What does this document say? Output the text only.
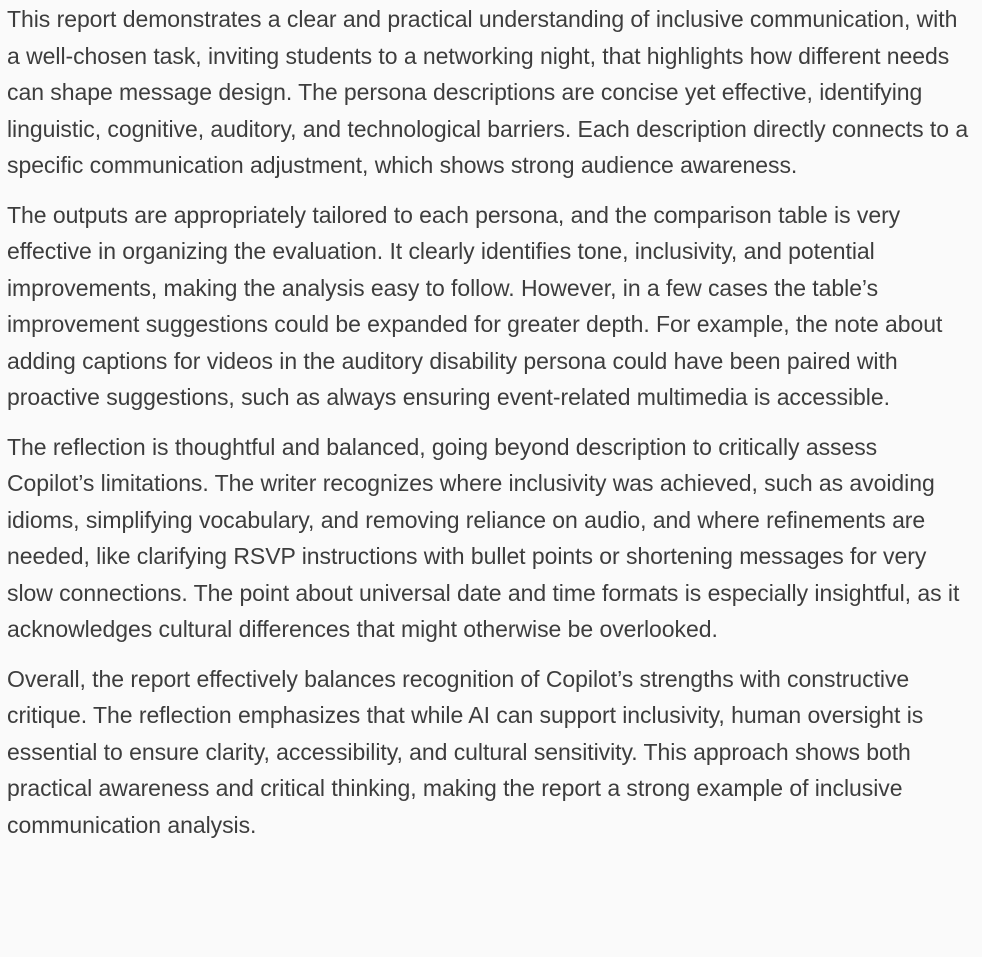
This report demonstrates a clear and practical understanding of inclusive communication, with a well-chosen task, inviting students to a networking night, that highlights how different needs can shape message design. The persona descriptions are concise yet effective, identifying linguistic, cognitive, auditory, and technological barriers. Each description directly connects to a specific communication adjustment, which shows strong audience awareness.

The outputs are appropriately tailored to each persona, and the comparison table is very effective in organizing the evaluation. It clearly identifies tone, inclusivity, and potential improvements, making the analysis easy to follow. However, in a few cases the table’s improvement suggestions could be expanded for greater depth. For example, the note about adding captions for videos in the auditory disability persona could have been paired with proactive suggestions, such as always ensuring event-related multimedia is accessible.

The reflection is thoughtful and balanced, going beyond description to critically assess Copilot’s limitations. The writer recognizes where inclusivity was achieved, such as avoiding idioms, simplifying vocabulary, and removing reliance on audio, and where refinements are needed, like clarifying RSVP instructions with bullet points or shortening messages for very slow connections. The point about universal date and time formats is especially insightful, as it acknowledges cultural differences that might otherwise be overlooked.

Overall, the report effectively balances recognition of Copilot’s strengths with constructive critique. The reflection emphasizes that while AI can support inclusivity, human oversight is essential to ensure clarity, accessibility, and cultural sensitivity. This approach shows both practical awareness and critical thinking, making the report a strong example of inclusive communication analysis.
